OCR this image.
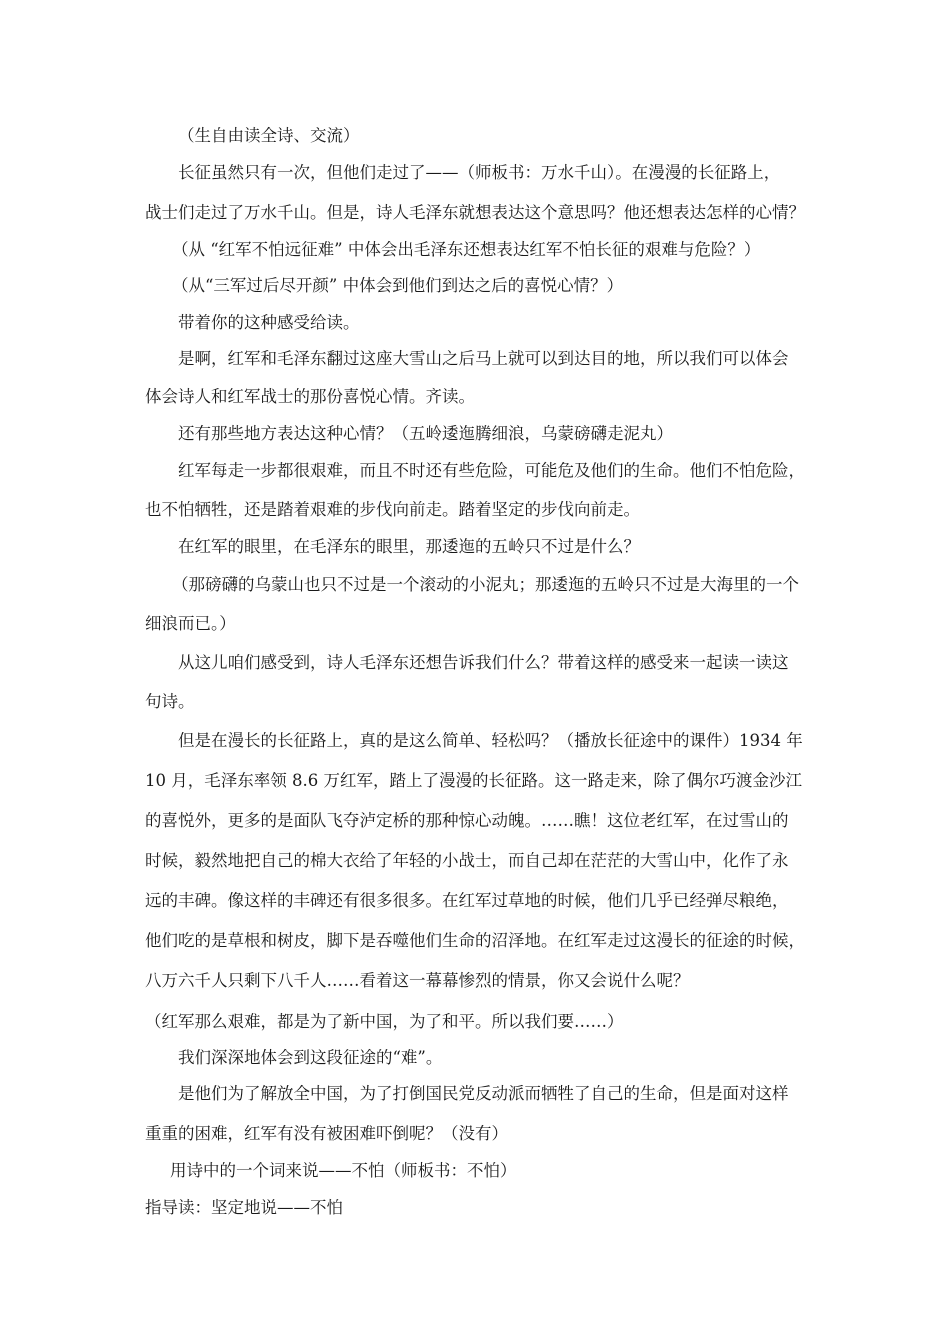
（生自由读全诗、交流）
长征虽然只有一次，但他们走过了——（师板书：万水千山）。在漫漫的长征路上，
战士们走过了万水千山。但是，诗人毛泽东就想表达这个意思吗？他还想表达怎样的心情？
（从 “红军不怕远征难” 中体会出毛泽东还想表达红军不怕长征的艰难与危险？）
（从“三军过后尽开颜” 中体会到他们到达之后的喜悦心情？）
带着你的这种感受给读。
是啊，红军和毛泽东翻过这座大雪山之后马上就可以到达目的地，所以我们可以体会
体会诗人和红军战士的那份喜悦心情。齐读。
还有那些地方表达这种心情？（五岭逶迤腾细浪，乌蒙磅礴走泥丸）
红军每走一步都很艰难，而且不时还有些危险，可能危及他们的生命。他们不怕危险，
也不怕牺牲，还是踏着艰难的步伐向前走。踏着坚定的步伐向前走。
在红军的眼里，在毛泽东的眼里，那逶迤的五岭只不过是什么？
（那磅礴的乌蒙山也只不过是一个滚动的小泥丸；那逶迤的五岭只不过是大海里的一个
细浪而已。）
从这儿咱们感受到，诗人毛泽东还想告诉我们什么？带着这样的感受来一起读一读这
句诗。
但是在漫长的长征路上，真的是这么简单、轻松吗？（播放长征途中的课件）1934 年
10 月，毛泽东率领 8.6 万红军，踏上了漫漫的长征路。这一路走来，除了偶尔巧渡金沙江
的喜悦外，更多的是面队飞夺泸定桥的那种惊心动魄。……瞧！这位老红军，在过雪山的
时候，毅然地把自己的棉大衣给了年轻的小战士，而自己却在茫茫的大雪山中，化作了永
远的丰碑。像这样的丰碑还有很多很多。在红军过草地的时候，他们几乎已经弹尽粮绝，
他们吃的是草根和树皮，脚下是吞噬他们生命的沼泽地。在红军走过这漫长的征途的时候，
八万六千人只剩下八千人……看着这一幕幕惨烈的情景，你又会说什么呢？
（红军那么艰难，都是为了新中国，为了和平。所以我们要……）
我们深深地体会到这段征途的“难”。
是他们为了解放全中国，为了打倒国民党反动派而牺牲了自己的生命，但是面对这样
重重的困难，红军有没有被困难吓倒呢？（没有）
用诗中的一个词来说——不怕（师板书：不怕）
指导读：坚定地说——不怕
